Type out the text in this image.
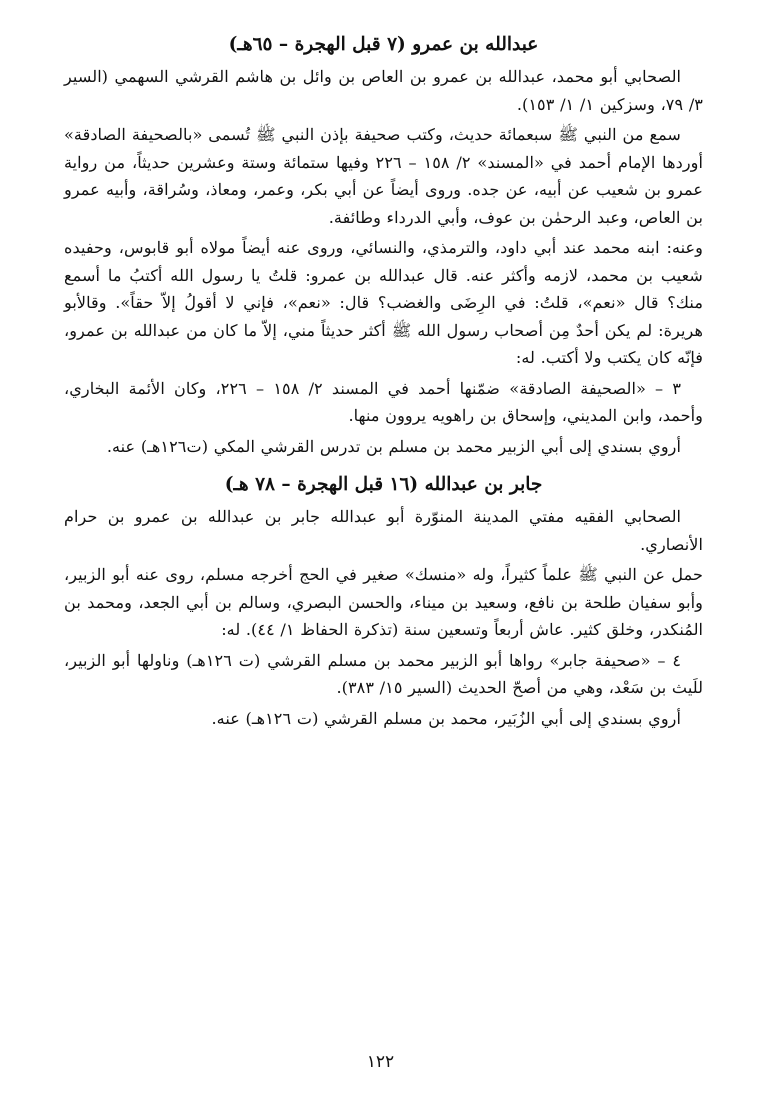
عبدالله بن عمرو (٧ قبل الهجرة – ٦٥هـ)

الصحابي أبو محمد، عبدالله بن عمرو بن العاص بن وائل بن هاشم القرشي السهمي (السير ٣/ ٧٩، وسزكين ١/ ١/ ١٥٣).

سمع من النبي ﷺ سبعمائة حديث، وكتب صحيفة بإذن النبي ﷺ تُسمى «بالصحيفة الصادقة» أوردها الإمام أحمد في «المسند» ٢/ ١٥٨ – ٢٢٦ وفيها ستمائة وستة وعشرين حديثاً، من رواية عمرو بن شعيب عن أبيه، عن جده. وروى أيضاً عن أبي بكر، وعمر، ومعاذ، وسُراقة، وأبيه عمرو بن العاص، وعبد الرحمٰن بن عوف، وأبي الدرداء وطائفة.

وعنه: ابنه محمد عند أبي داود، والترمذي، والنسائي، وروى عنه أيضاً مولاه أبو قابوس، وحفيده شعيب بن محمد، لازمه وأكثر عنه. قال عبدالله بن عمرو: قلتُ يا رسول الله أكتبُ ما أسمع منك؟ قال «نعم»، قلتُ: في الرِضَى والغضب؟ قال: «نعم»، فإني لا أقولُ إلاّ حقاً». وقالأبو هريرة: لم يكن أحدٌ مِن أصحاب رسول الله ﷺ أكثر حديثاً مني، إلاّ ما كان من عبدالله بن عمرو، فإنّه كان يكتب ولا أكتب. له:

٣ – «الصحيفة الصادقة» ضمّنها أحمد في المسند ٢/ ١٥٨ – ٢٢٦، وكان الأئمة البخاري، وأحمد، وابن المديني، وإسحاق بن راهويه يروون منها.

أروي بسندي إلى أبي الزبير محمد بن مسلم بن تدرس القرشي المكي (ت١٢٦هـ) عنه.

جابر بن عبدالله (١٦ قبل الهجرة – ٧٨ هـ)

الصحابي الفقيه مفتي المدينة المنوّرة أبو عبدالله جابر بن عبدالله بن عمرو بن حرام الأنصاري.

حمل عن النبي ﷺ علماً كثيراً، وله «منسك» صغير في الحج أخرجه مسلم، روى عنه أبو الزبير، وأبو سفيان طلحة بن نافع، وسعيد بن ميناء، والحسن البصري، وسالم بن أبي الجعد، ومحمد بن المُنكدر، وخلق كثير. عاش أربعاً وتسعين سنة (تذكرة الحفاظ ١/ ٤٤). له:

٤ – «صحيفة جابر» رواها أبو الزبير محمد بن مسلم القرشي (ت ١٢٦هـ) وناولها أبو الزبير، للَيث بن سَعْد، وهي من أصحّ الحديث (السير ١٥/ ٣٨٣).

أروي بسندي إلى أبي الزُبَير، محمد بن مسلم القرشي (ت ١٢٦هـ) عنه.

١٢٢
